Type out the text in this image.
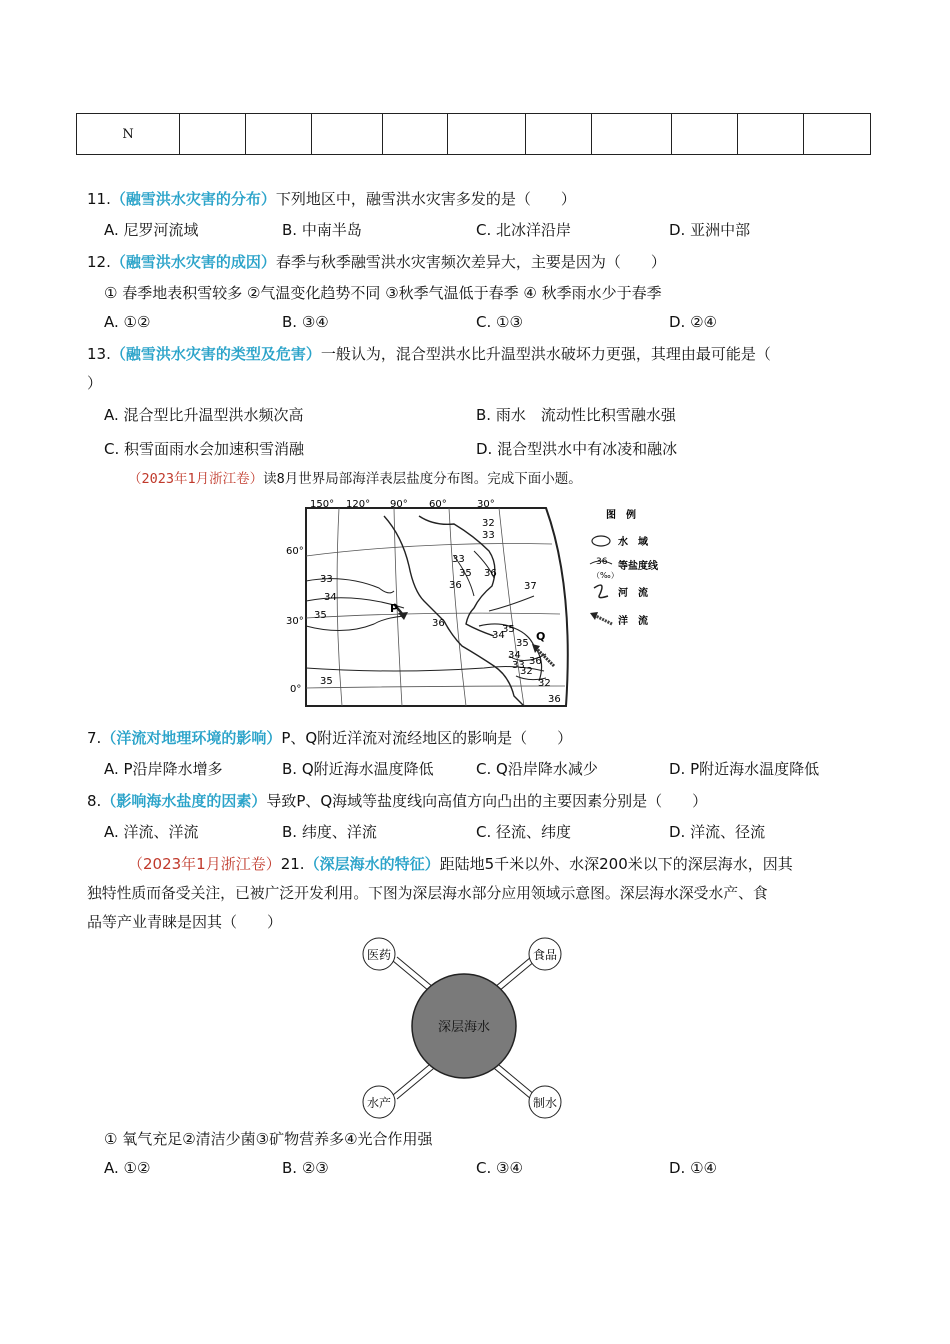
N										
11.（融雪洪水灾害的分布）下列地区中，融雪洪水灾害多发的是（　　）
A. 尼罗河流域	B. 中南半岛	C. 北冰洋沿岸	D. 亚洲中部
12.（融雪洪水灾害的成因）春季与秋季融雪洪水灾害频次差异大，主要是因为（　　）
① 春季地表积雪较多 ②气温变化趋势不同 ③秋季气温低于春季 ④ 秋季雨水少于春季
A. ①②	B. ③④	C. ①③	D. ②④
13.（融雪洪水灾害的类型及危害）一般认为，混合型洪水比升温型洪水破坏力更强，其理由最可能是（
）
A. 混合型比升温型洪水频次高	B. 雨水　流动性比积雪融水强
C. 积雪面雨水会加速积雪消融	D. 混合型洪水中有冰凌和融冰
（2023年1月浙江卷）读8月世界局部海洋表层盐度分布图。完成下面小题。
150° 120° 90° 60°	30°
60°
30°
0°
33
34
35
35
36
36
33
35
36	37
32
33
34
35
36
36
35
32
34
32
33
P
Q
图　例
水　域
36 等盐度线
（‰）
河　流
洋　流
7.（洋流对地理环境的影响）P、Q附近洋流对流经地区的影响是（　　）
A. P沿岸降水增多	B. Q附近海水温度降低	C. Q沿岸降水减少	D. P附近海水温度降低
8.（影响海水盐度的因素）导致P、Q海域等盐度线向高值方向凸出的主要因素分别是（　　）
A. 洋流、洋流	B. 纬度、洋流	C. 径流、纬度	D. 洋流、径流
（2023年1月浙江卷）21.（深层海水的特征）距陆地5千米以外、水深200米以下的深层海水，因其
独特性质而备受关注，已被广泛开发利用。下图为深层海水部分应用领域示意图。深层海水深受水产、食
品等产业青睐是因其（　　）
深层海水
医药	食品
水产	制水
① 氧气充足②清洁少菌③矿物营养多④光合作用强
A. ①②	B. ②③	C. ③④	D. ①④
